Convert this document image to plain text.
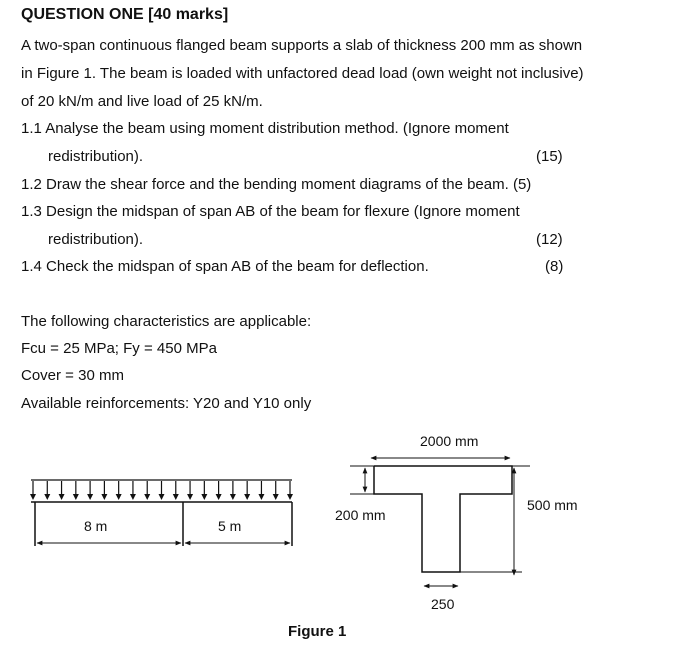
QUESTION ONE [40 marks]
A two-span continuous flanged beam supports a slab of thickness 200 mm as shown
in Figure 1. The beam is loaded with unfactored dead load (own weight not inclusive)
of 20 kN/m and live load of 25 kN/m.
1.1 Analyse the beam using moment distribution method. (Ignore moment
redistribution).	(15)
1.2 Draw the shear force and the bending moment diagrams of the beam. (5)
1.3 Design the midspan of span AB of the beam for flexure (Ignore moment
redistribution).	(12)
1.4 Check the midspan of span AB of the beam for deflection.	(8)
The following characteristics are applicable:
Fcu = 25 MPa; Fy = 450 MPa
Cover = 30 mm
Available reinforcements: Y20 and Y10 only
8 m	5 m
2000 mm
200 mm
500 mm
250
Figure 1
